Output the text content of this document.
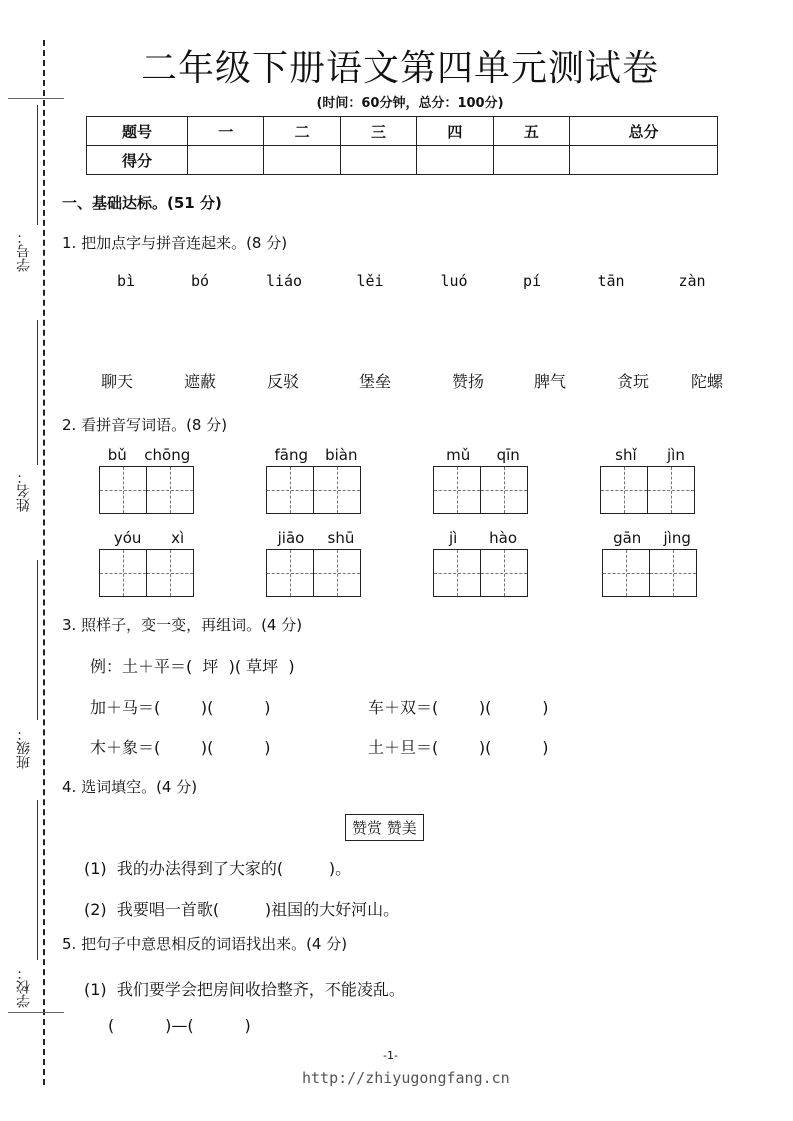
学号：
姓名：
班级：
学校：
二年级下册语文第四单元测试卷
(时间：60分钟，总分：100分)
题号	一	二	三	四	五	总分
得分						
一、基础达标。(51 分)
1. 把加点字与拼音连起来。(8 分)
bì	bó	liáo	lěi	luó	pí	tān	zàn
聊天	遮蔽	反驳	堡垒	赞扬	脾气	贪玩	陀螺
2. 看拼音写词语。(8 分)
bǔ chōng	fāng biàn	mǔ qīn	shǐ jìn
yóu xì	jiāo shū	jì hào	gān jìng
3. 照样子，变一变，再组词。(4 分)
例：土＋平＝(  坪  )( 草坪  )
加＋马＝(        )(          )	车＋双＝(        )(          )
木＋象＝(        )(          )	土＋旦＝(        )(          )
4. 选词填空。(4 分)
赞赏 赞美
(1)  我的办法得到了大家的(         )。
(2)  我要唱一首歌(         )祖国的大好河山。
5. 把句子中意思相反的词语找出来。(4 分)
(1)  我们要学会把房间收拾整齐，不能凌乱。
(          )—(          )
-1-
http://zhiyugongfang.cn
